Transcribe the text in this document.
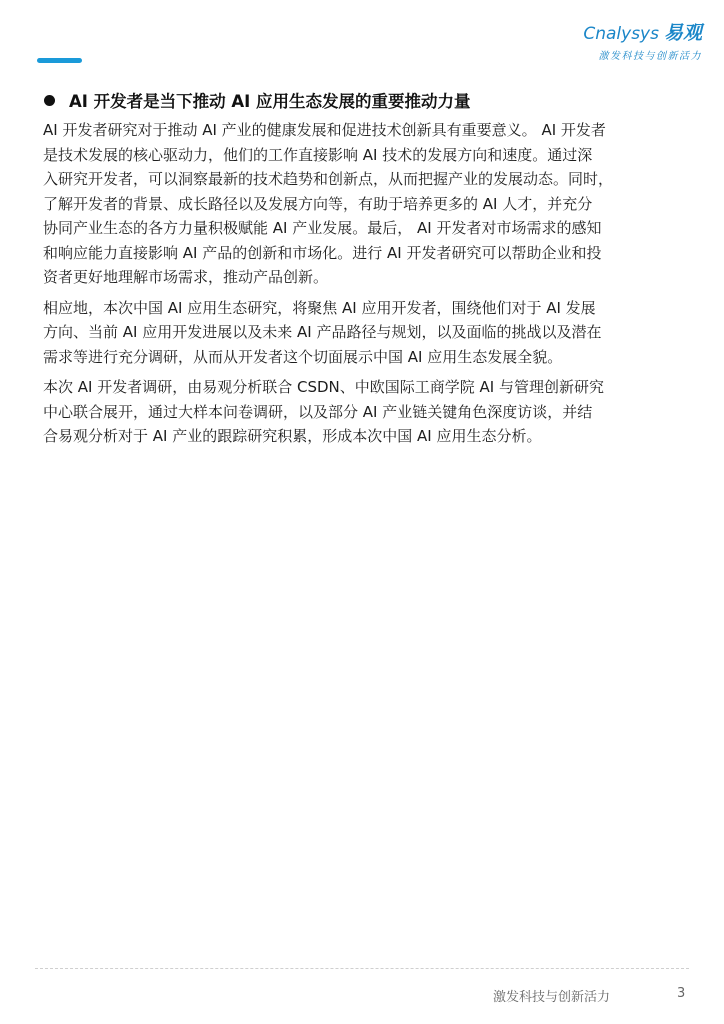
Cnalysys 易观
激发科技与创新活力
AI 开发者是当下推动 AI 应用生态发展的重要推动力量

AI 开发者研究对于推动 AI 产业的健康发展和促进技术创新具有重要意义。 AI 开发者
是技术发展的核心驱动力，他们的工作直接影响 AI 技术的发展方向和速度。通过深
入研究开发者，可以洞察最新的技术趋势和创新点，从而把握产业的发展动态。同时，
了解开发者的背景、成长路径以及发展方向等，有助于培养更多的 AI 人才，并充分
协同产业生态的各方力量积极赋能 AI 产业发展。最后， AI 开发者对市场需求的感知
和响应能力直接影响 AI 产品的创新和市场化。进行 AI 开发者研究可以帮助企业和投
资者更好地理解市场需求，推动产品创新。

相应地，本次中国 AI 应用生态研究，将聚焦 AI 应用开发者，围绕他们对于 AI 发展
方向、当前 AI 应用开发进展以及未来 AI 产品路径与规划，以及面临的挑战以及潜在
需求等进行充分调研，从而从开发者这个切面展示中国 AI 应用生态发展全貌。

本次 AI 开发者调研，由易观分析联合 CSDN、中欧国际工商学院 AI 与管理创新研究
中心联合展开，通过大样本问卷调研，以及部分 AI 产业链关键角色深度访谈，并结
合易观分析对于 AI 产业的跟踪研究积累，形成本次中国 AI 应用生态分析。

激发科技与创新活力	3
